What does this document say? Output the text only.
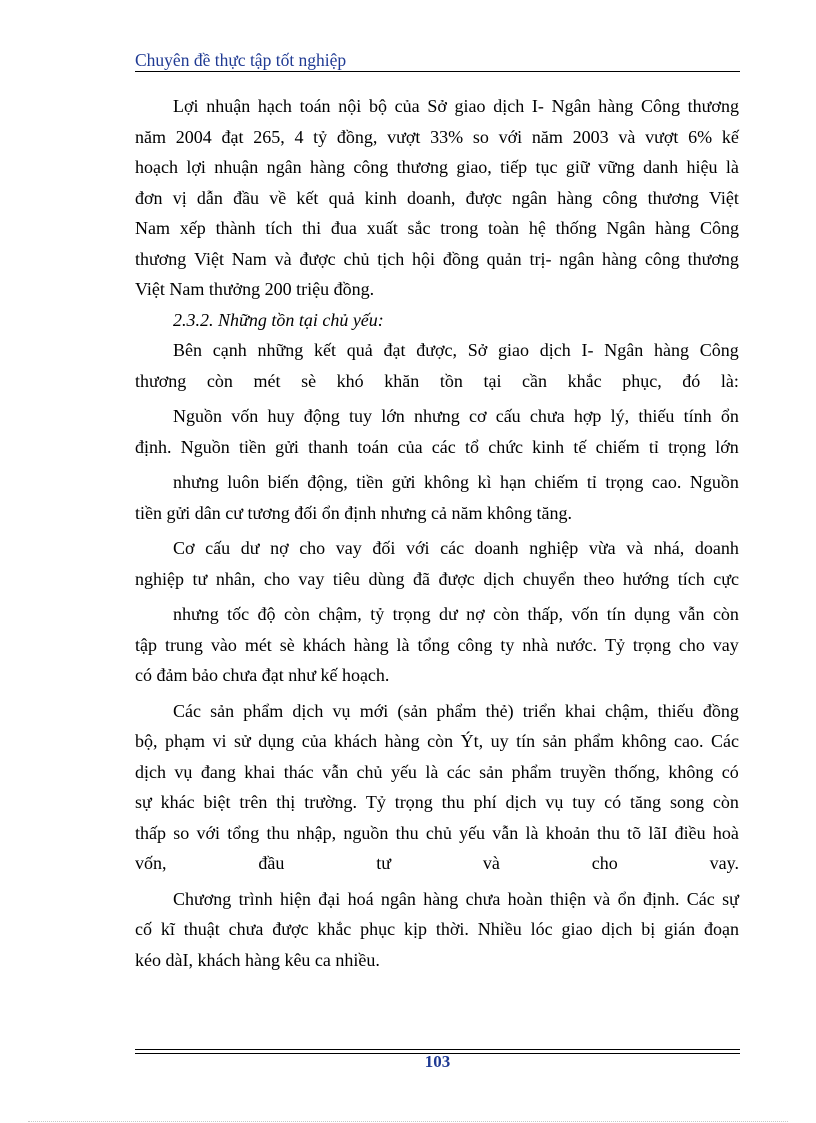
Chuyên đề thực tập tốt nghiệp
Lợi nhuận hạch toán nội bộ của Sở giao dịch I- Ngân hàng Công thương
năm 2004 đạt 265, 4 tỷ đồng, vượt 33% so với năm 2003 và vượt 6% kế
hoạch lợi nhuận ngân hàng công thương giao, tiếp tục giữ vững danh hiệu là
đơn vị dẫn đầu về kết quả kinh doanh, được ngân hàng công thương Việt
Nam xếp thành tích thi đua xuất sắc trong toàn hệ thống Ngân hàng Công
thương Việt Nam và được chủ tịch hội đồng quản trị- ngân hàng công thương
Việt Nam thưởng 200 triệu đồng.
2.3.2. Những tồn tại chủ yếu:
Bên cạnh những kết quả đạt được, Sở giao dịch I- Ngân hàng Công
thương còn mét sè khó khăn tồn tại cần khắc phục, đó là:
Nguồn vốn huy động tuy lớn nhưng cơ cấu chưa hợp lý, thiếu tính ổn
định. Nguồn tiền gửi thanh toán của các tổ chức kinh tế chiếm tỉ trọng lớn
nhưng luôn biến động, tiền gửi không kì hạn chiếm tỉ trọng cao. Nguồn
tiền gửi dân cư tương đối ổn định nhưng cả năm không tăng.
Cơ cấu dư nợ cho vay đối với các doanh nghiệp vừa và nhá, doanh
nghiệp tư nhân, cho vay tiêu dùng đã được dịch chuyển theo hướng tích cực
nhưng tốc độ còn chậm, tỷ trọng dư nợ còn thấp, vốn tín dụng vẫn còn
tập trung vào mét sè khách hàng là tổng công ty nhà nước. Tỷ trọng cho vay
có đảm bảo chưa đạt như kế hoạch.
Các sản phẩm dịch vụ mới (sản phẩm thẻ) triển khai chậm, thiếu đồng
bộ, phạm vi sử dụng của khách hàng còn Ýt, uy tín sản phẩm không cao. Các
dịch vụ đang khai thác vẫn chủ yếu là các sản phẩm truyền thống, không có
sự khác biệt trên thị trường. Tỷ trọng thu phí dịch vụ tuy có tăng song còn
thấp so với tổng thu nhập, nguồn thu chủ yếu vẫn là khoản thu tõ lãI điều hoà
vốn,	đầu	tư	và	cho	vay.
Chương trình hiện đại hoá ngân hàng chưa hoàn thiện và ổn định. Các sự
cố kĩ thuật chưa được khắc phục kịp thời. Nhiều lóc giao dịch bị gián đoạn
kéo dàI, khách hàng kêu ca nhiều.
103
